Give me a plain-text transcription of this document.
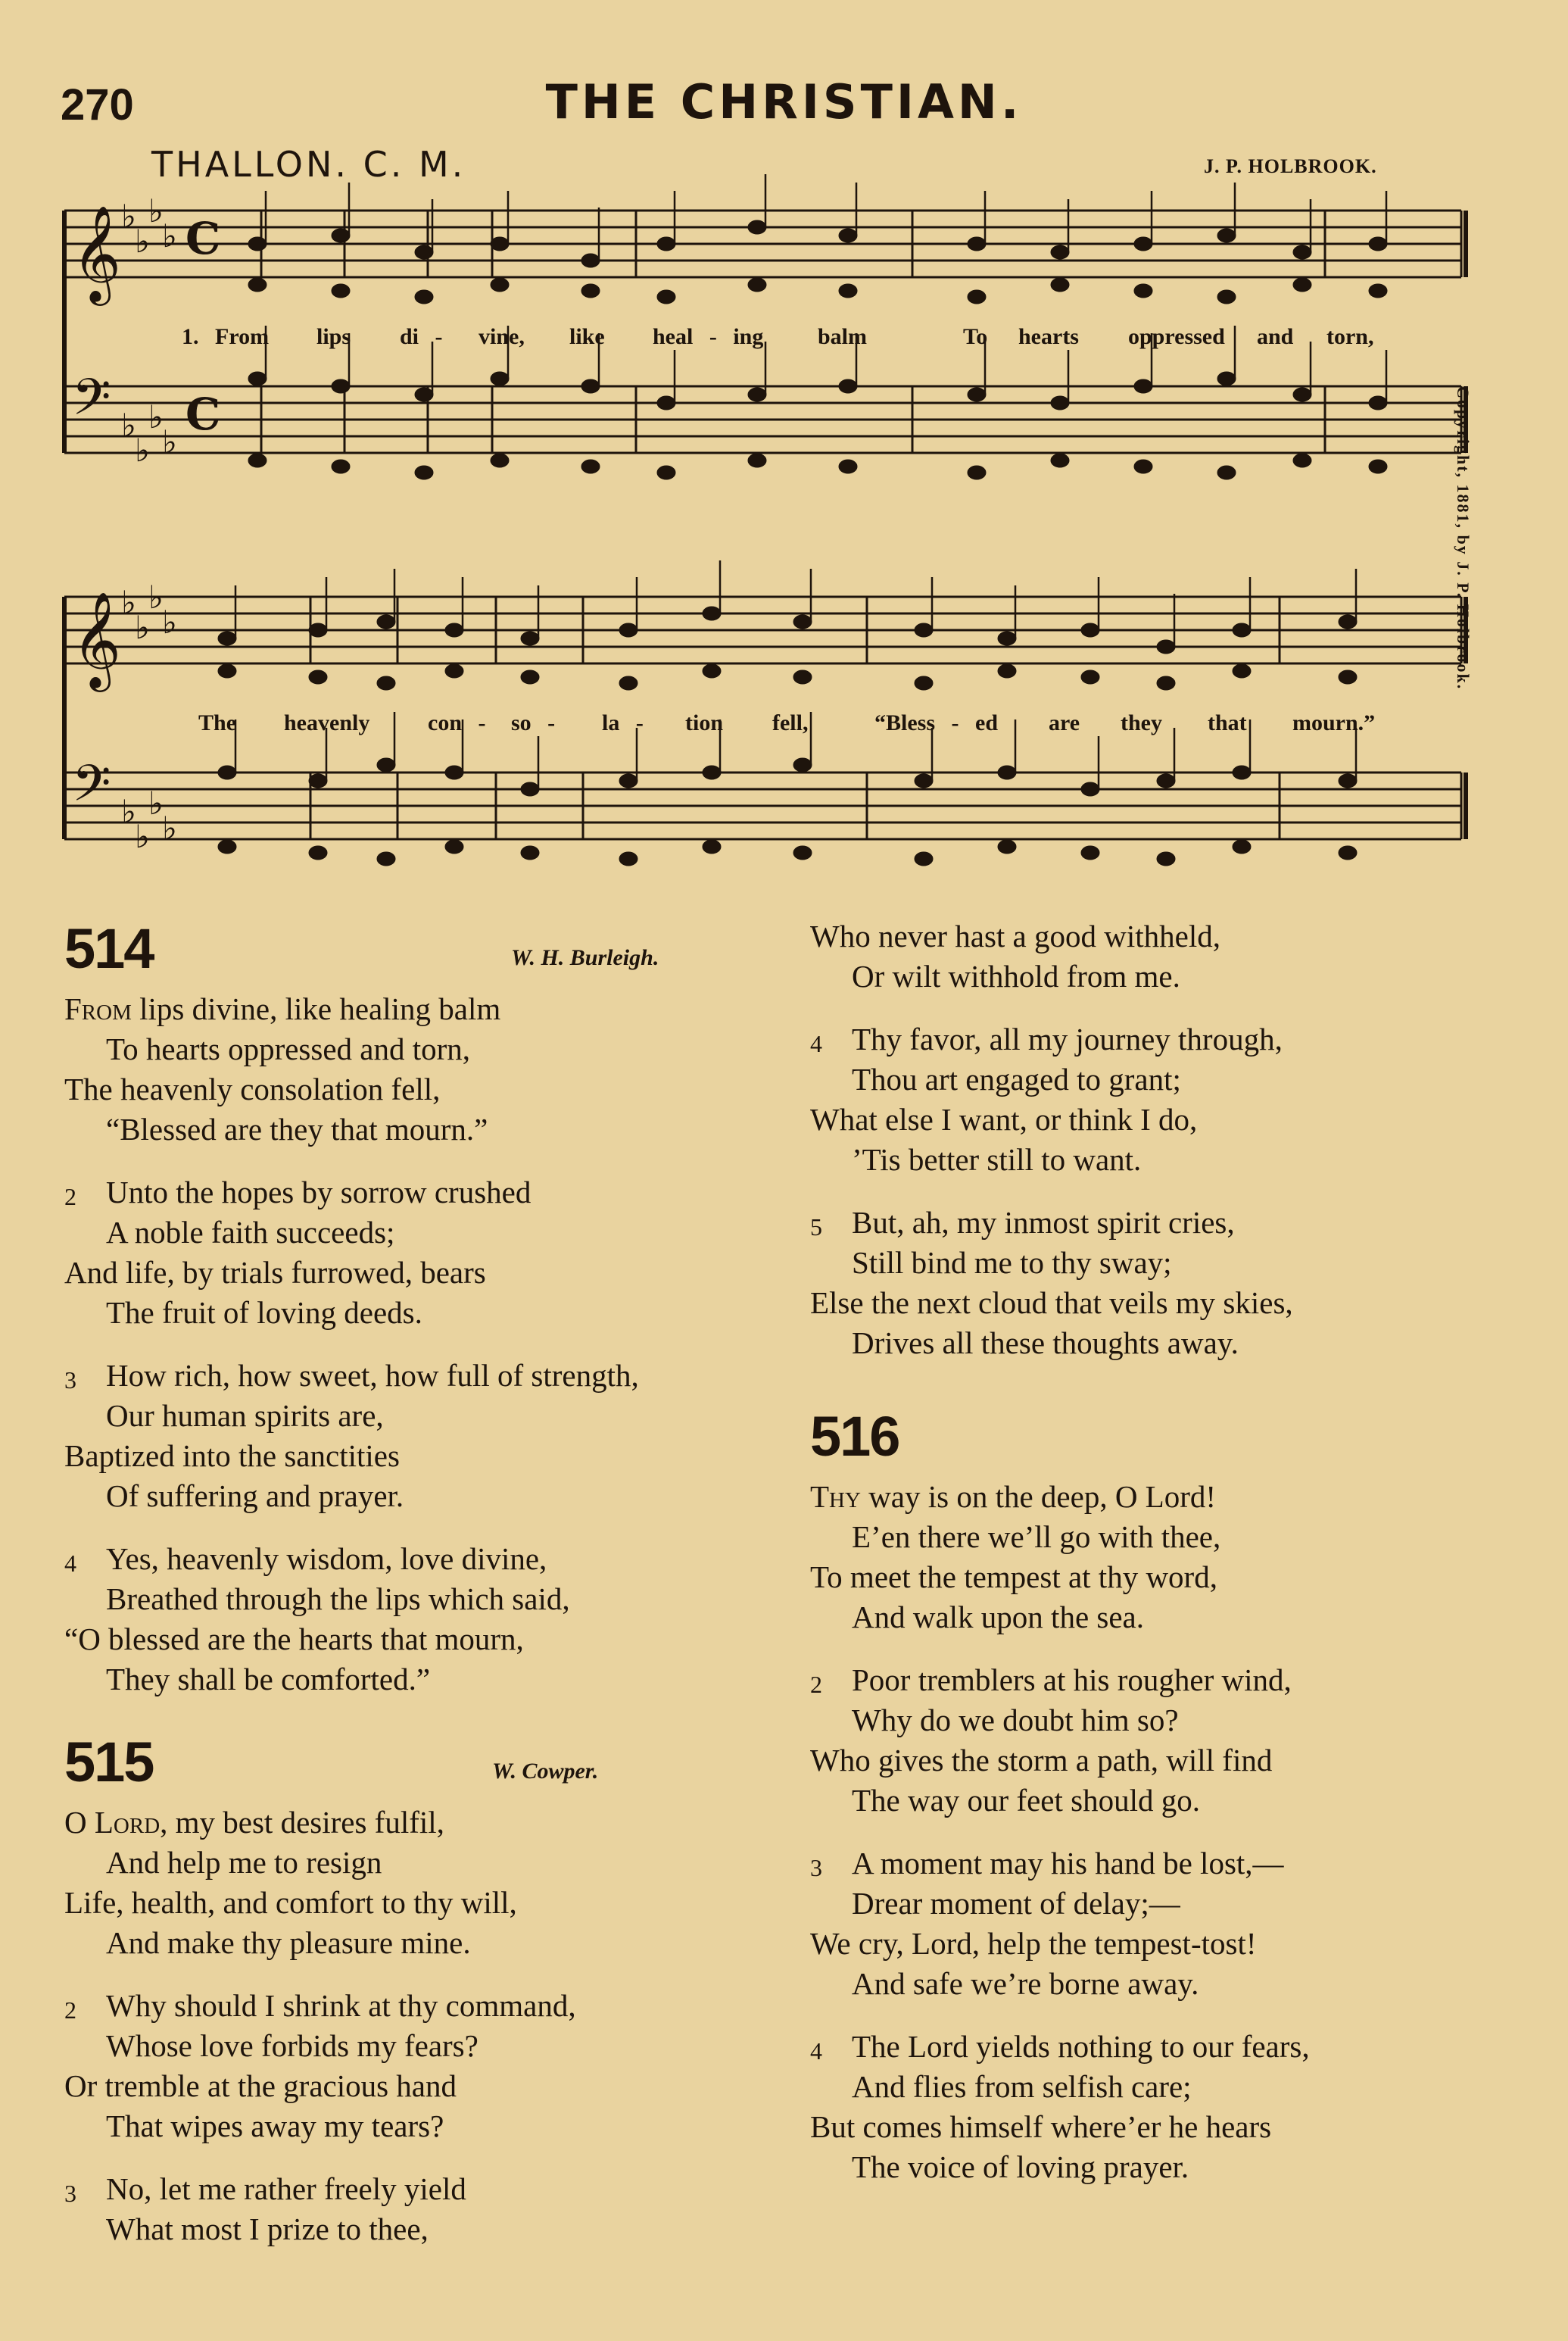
270	THE CHRISTIAN.
THALLON. C. M.	J. P. HOLBROOK.
Copyright, 1881, by J. P. Holbrook.
𝄞
𝄢
𝄞
𝄢
♭
♭
♭
♭
♭
♭
♭
♭
♭
♭
♭
♭
♭
♭
♭
♭
C
C
1. From lips di - vine, like heal - ing balm	To hearts oppressed and torn,
The heavenly	con - so - la - tion fell,	“Bless - ed are they that mourn.”
514	W. H. Burleigh.
From lips divine, like healing balm
To hearts oppressed and torn,
The heavenly consolation fell,
“Blessed are they that mourn.”
2 Unto the hopes by sorrow crushed
A noble faith succeeds;
And life, by trials furrowed, bears
The fruit of loving deeds.
3 How rich, how sweet, how full of strength,
Our human spirits are,
Baptized into the sanctities
Of suffering and prayer.
4 Yes, heavenly wisdom, love divine,
Breathed through the lips which said,
“O blessed are the hearts that mourn,
They shall be comforted.”
515	W. Cowper.
O Lord, my best desires fulfil,
And help me to resign
Life, health, and comfort to thy will,
And make thy pleasure mine.
2 Why should I shrink at thy command,
Whose love forbids my fears?
Or tremble at the gracious hand
That wipes away my tears?
3 No, let me rather freely yield
What most I prize to thee,
Who never hast a good withheld,
Or wilt withhold from me.
4 Thy favor, all my journey through,
Thou art engaged to grant;
What else I want, or think I do,
’Tis better still to want.
5 But, ah, my inmost spirit cries,
Still bind me to thy sway;
Else the next cloud that veils my skies,
Drives all these thoughts away.
516
Thy way is on the deep, O Lord!
E’en there we’ll go with thee,
To meet the tempest at thy word,
And walk upon the sea.
2 Poor tremblers at his rougher wind,
Why do we doubt him so?
Who gives the storm a path, will find
The way our feet should go.
3 A moment may his hand be lost,—
Drear moment of delay;—
We cry, Lord, help the tempest-tost!
And safe we’re borne away.
4 The Lord yields nothing to our fears,
And flies from selfish care;
But comes himself where’er he hears
The voice of loving prayer.
